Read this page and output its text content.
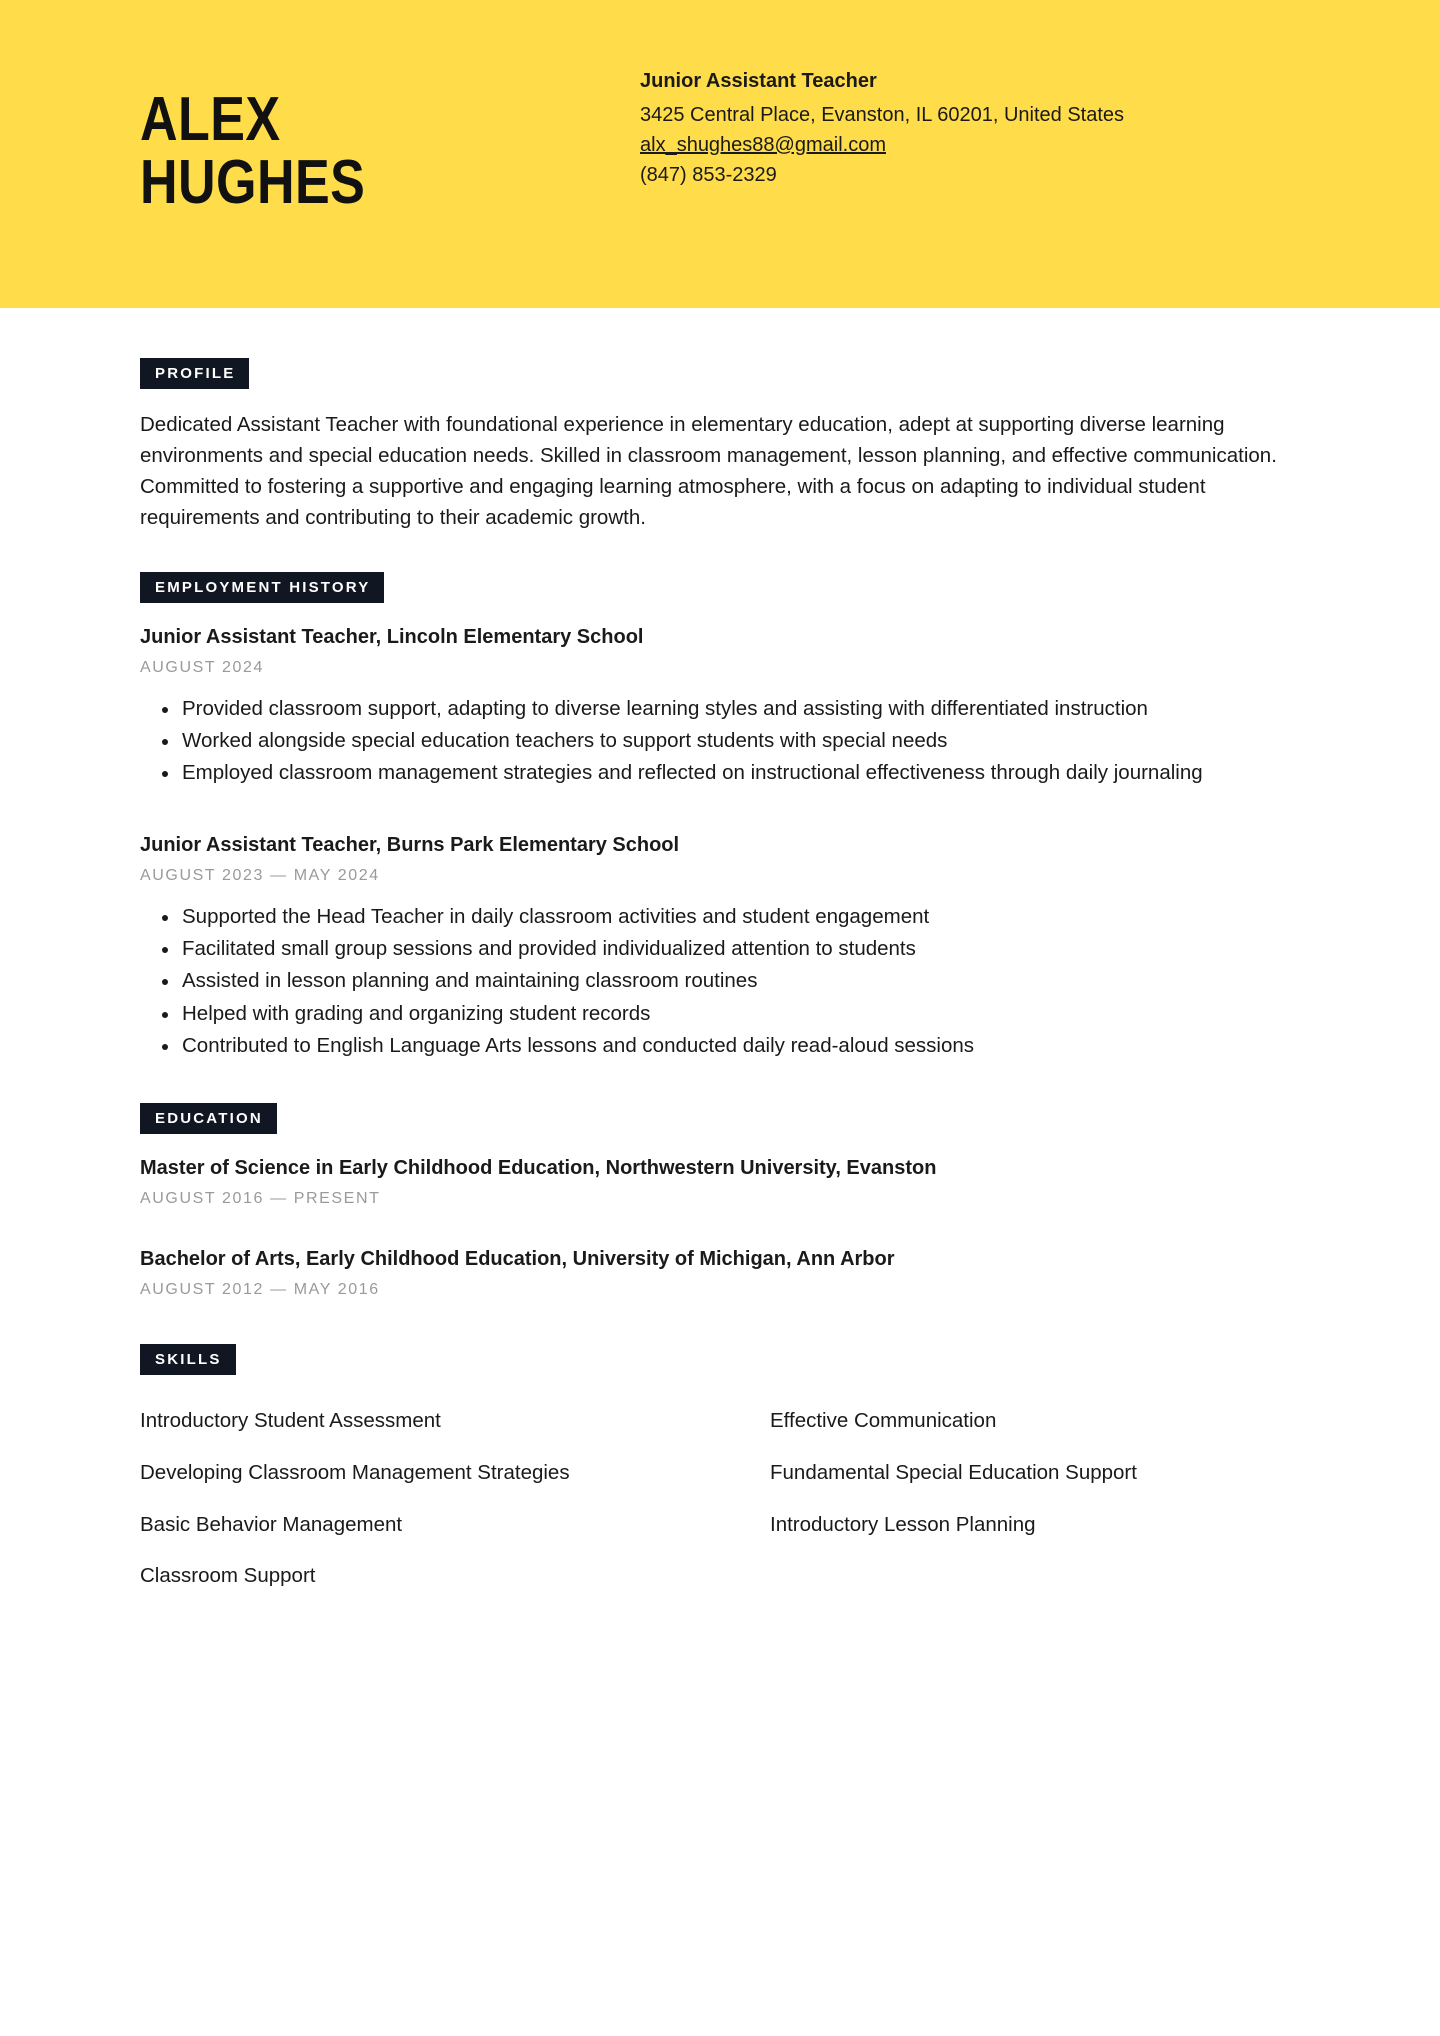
ALEX
HUGHES
Junior Assistant Teacher
3425 Central Place, Evanston, IL 60201, United States
alx_shughes88@gmail.com
(847) 853-2329
PROFILE

Dedicated Assistant Teacher with foundational experience in elementary education, adept at supporting diverse learning environments and special education needs. Skilled in classroom management, lesson planning, and effective communication. Committed to fostering a supportive and engaging learning atmosphere, with a focus on adapting to individual student requirements and contributing to their academic growth.

EMPLOYMENT HISTORY
Junior Assistant Teacher, Lincoln Elementary School
AUGUST 2024
Provided classroom support, adapting to diverse learning styles and assisting with differentiated instruction
Worked alongside special education teachers to support students with special needs
Employed classroom management strategies and reflected on instructional effectiveness through daily journaling
Junior Assistant Teacher, Burns Park Elementary School
AUGUST 2023 — MAY 2024
Supported the Head Teacher in daily classroom activities and student engagement
Facilitated small group sessions and provided individualized attention to students
Assisted in lesson planning and maintaining classroom routines
Helped with grading and organizing student records
Contributed to English Language Arts lessons and conducted daily read-aloud sessions
EDUCATION
Master of Science in Early Childhood Education, Northwestern University, Evanston
AUGUST 2016 — PRESENT
Bachelor of Arts, Early Childhood Education, University of Michigan, Ann Arbor
AUGUST 2012 — MAY 2016
SKILLS
Introductory Student Assessment
Developing Classroom Management Strategies
Basic Behavior Management
Classroom Support
Effective Communication
Fundamental Special Education Support
Introductory Lesson Planning
